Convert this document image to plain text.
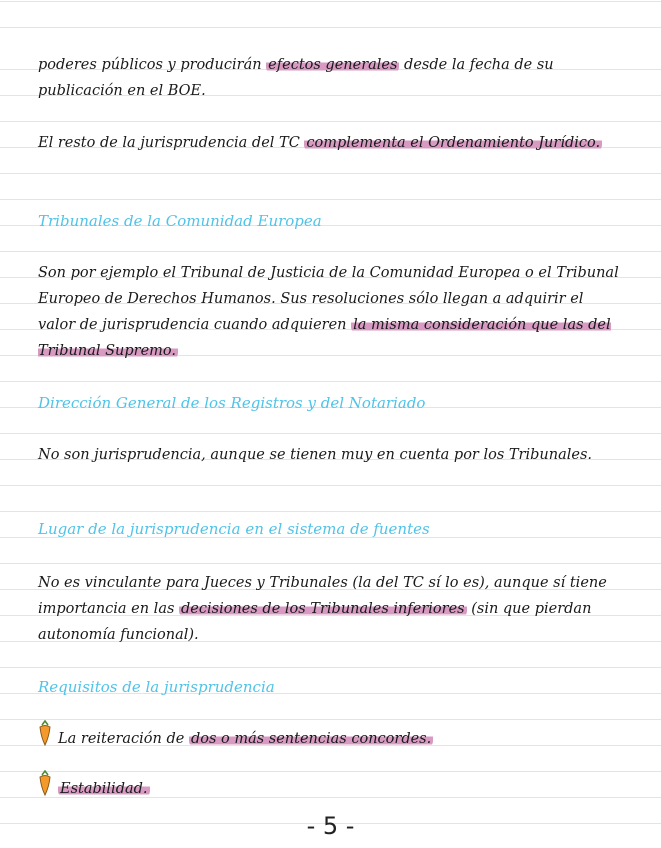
poderes públicos y producirán efectos generales desde la fecha de su publicación en el BOE.

El resto de la jurisprudencia del TC complementa el Ordenamiento Jurídico.

Tribunales de la Comunidad Europea

Son por ejemplo el Tribunal de Justicia de la Comunidad Europea o el Tribunal Europeo de Derechos Humanos. Sus resoluciones sólo llegan a adquirir el valor de jurisprudencia cuando adquieren la misma consideración que las del Tribunal Supremo.

Dirección General de los Registros y del Notariado

No son jurisprudencia, aunque se tienen muy en cuenta por los Tribunales.

Lugar de la jurisprudencia en el sistema de fuentes

No es vinculante para Jueces y Tribunales (la del TC sí lo es), aunque sí tiene importancia en las decisiones de los Tribunales inferiores (sin que pierdan autonomía funcional).

Requisitos de la jurisprudencia

La reiteración de dos o más sentencias concordes.

Estabilidad.

- 5 -
